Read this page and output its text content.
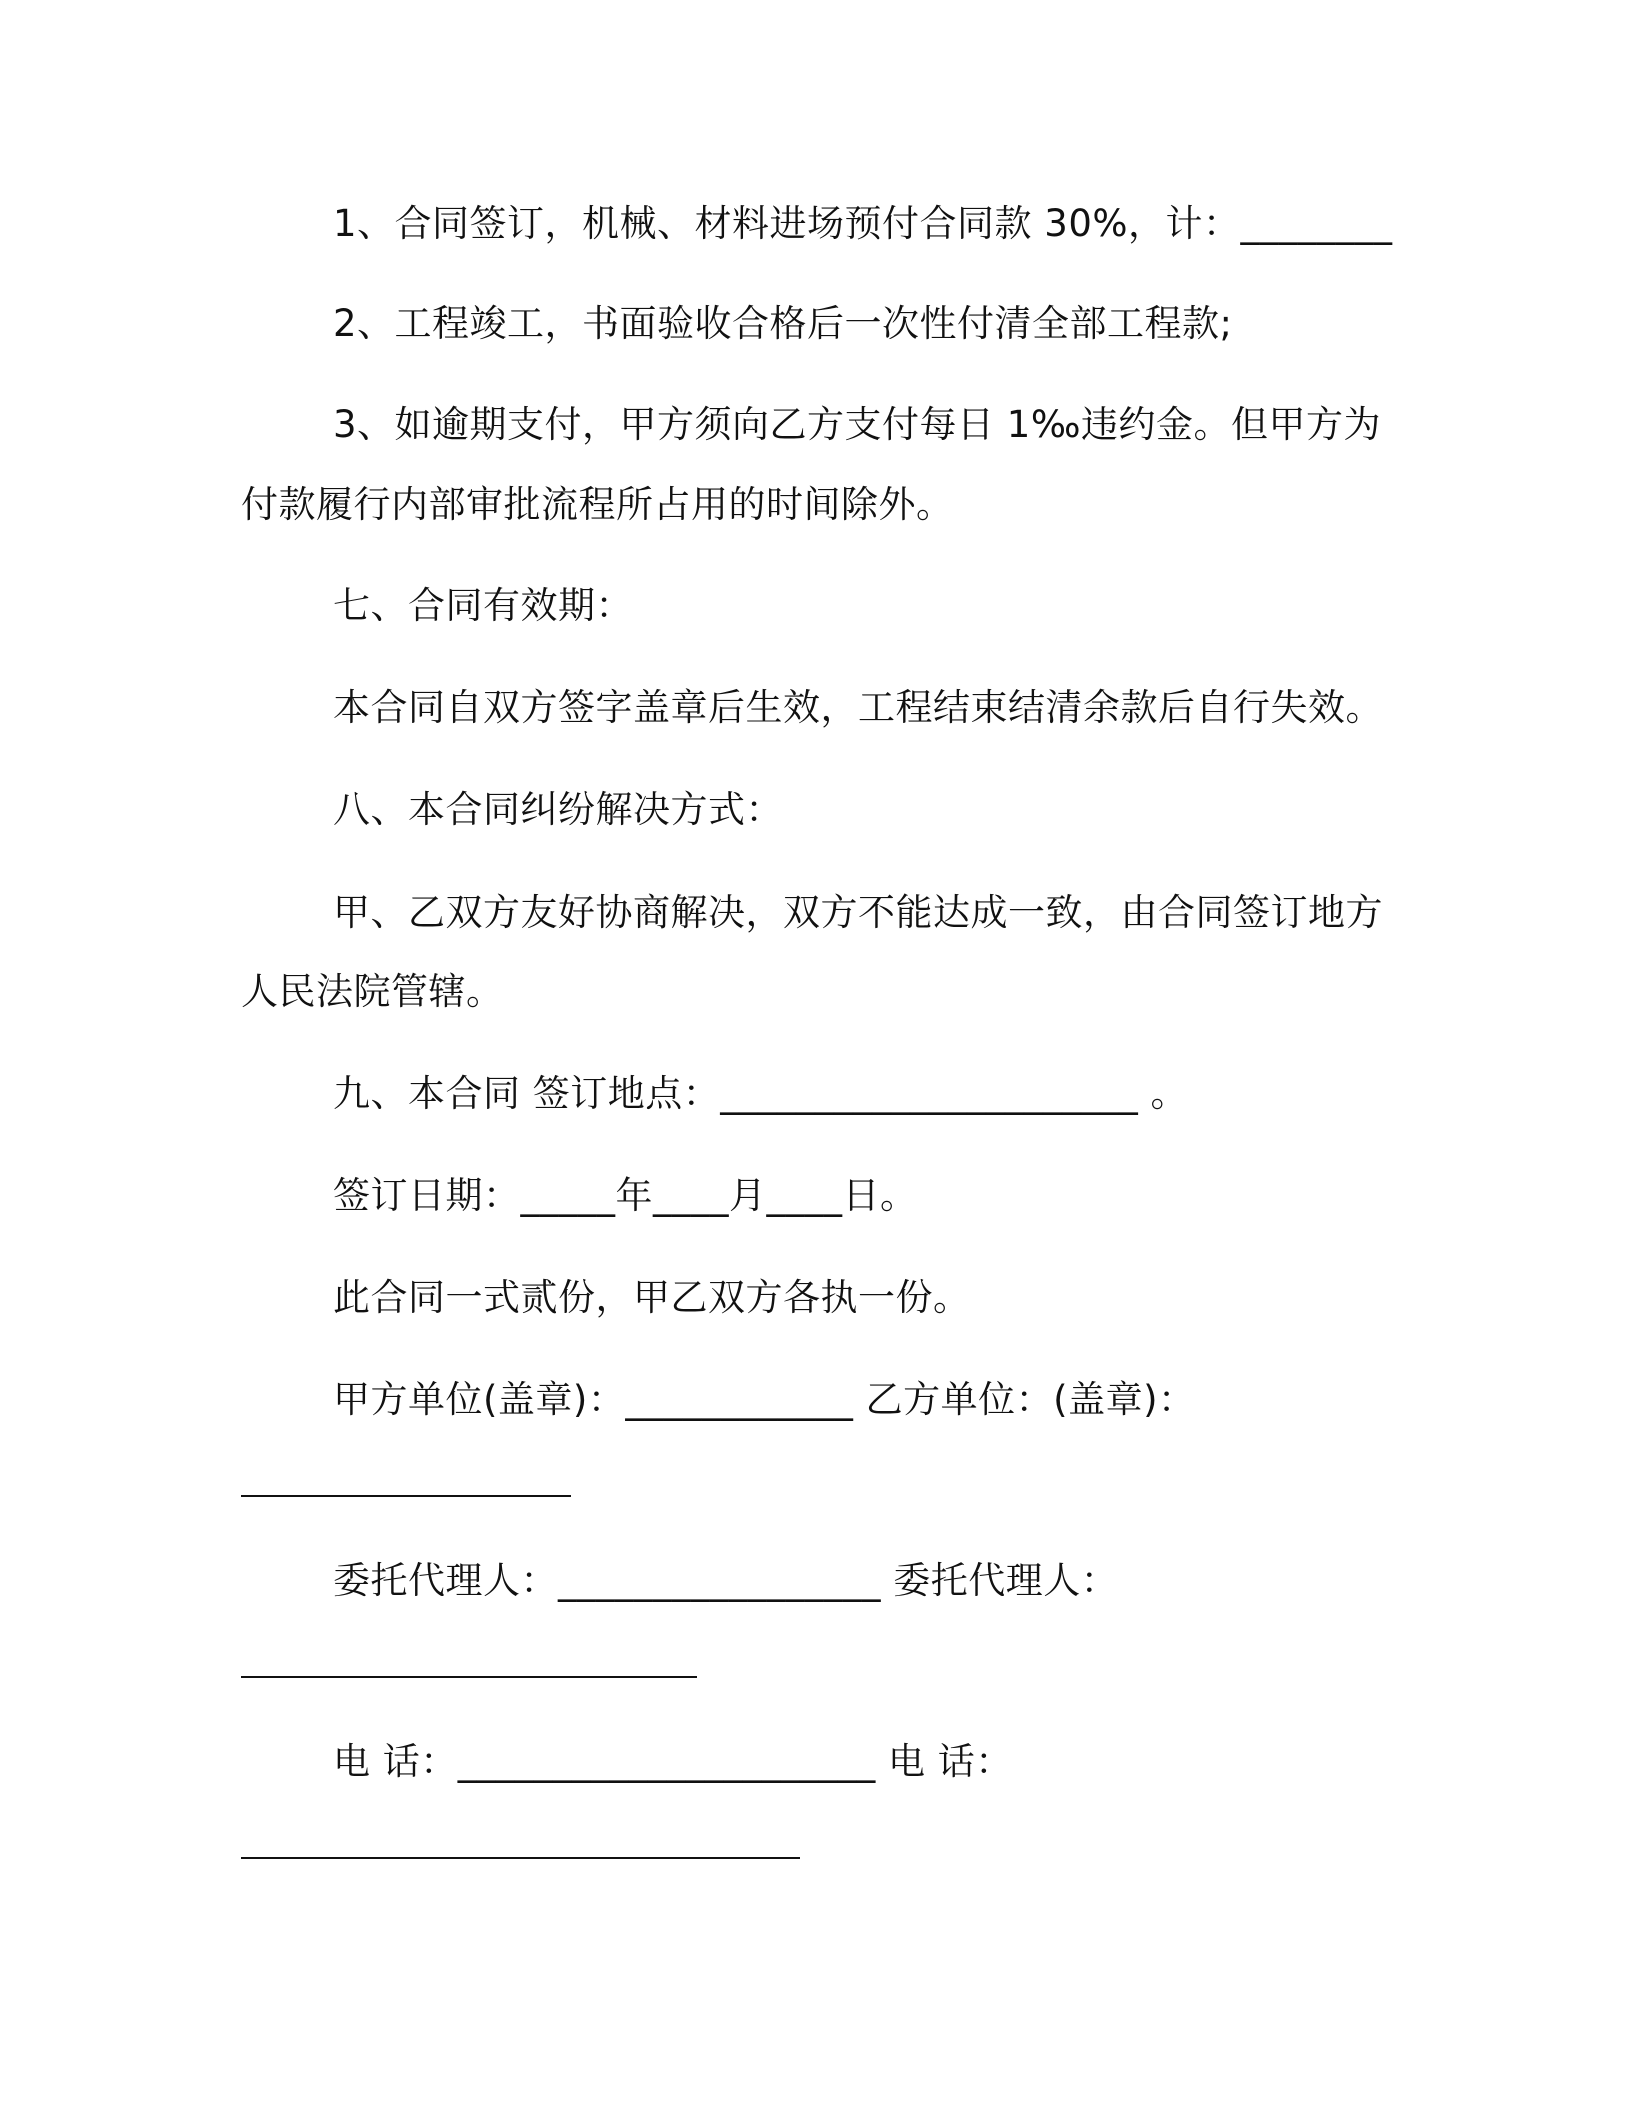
1、合同签订，机械、材料进场预付合同款 30%，计：________
2、工程竣工，书面验收合格后一次性付清全部工程款;
3、如逾期支付，甲方须向乙方支付每日 1‰违约金。但甲方为
付款履行内部审批流程所占用的时间除外。
七、合同有效期：
本合同自双方签字盖章后生效，工程结束结清余款后自行失效。
八、本合同纠纷解决方式：
甲、乙双方友好协商解决，双方不能达成一致，由合同签订地方
人民法院管辖。
九、本合同 签订地点：______________________ 。
签订日期：_____年____月____日。
此合同一式贰份，甲乙双方各执一份。
甲方单位(盖章)：____________ 乙方单位：(盖章)：
委托代理人：_________________ 委托代理人：
电 话：______________________ 电 话：
